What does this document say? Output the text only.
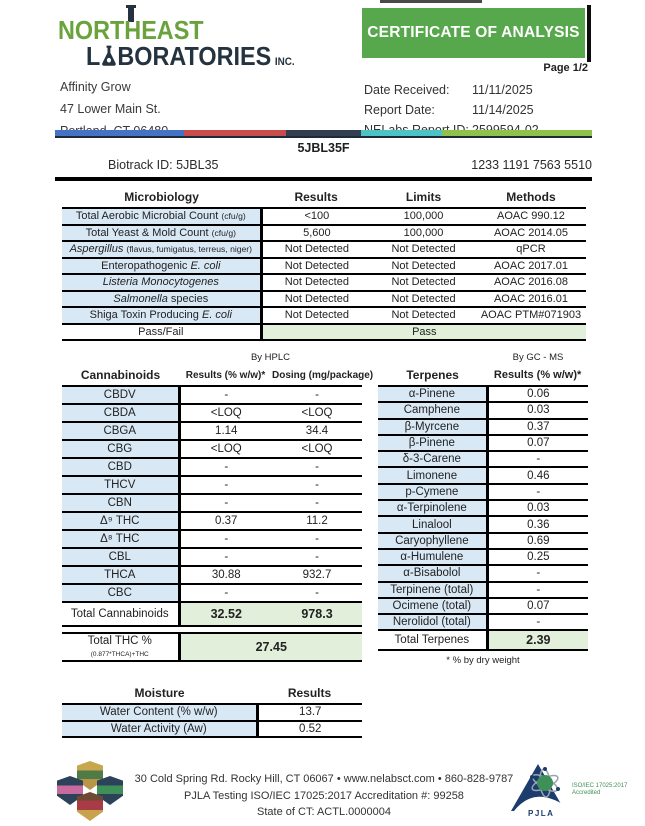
NORTHEAST
L BORATORIES INC.
Affinity Grow
47 Lower Main St.
CERTIFICATE OF ANALYSIS
Page 1/2
Date Received:	11/11/2025
Report Date:	11/14/2025
5JBL35F
Biotrack ID: 5JBL35	1233 1191 7563 5510
Microbiology	Results	Limits	Methods
Total Aerobic Microbial Count (cfu/g)	<100	100,000	AOAC 990.12
Total Yeast & Mold Count (cfu/g)	5,600	100,000	AOAC 2014.05
Aspergillus (flavus, fumigatus, terreus, niger)	Not Detected	Not Detected	qPCR
Enteropathogenic E. coli	Not Detected	Not Detected	AOAC 2017.01
Listeria Monocytogenes	Not Detected	Not Detected	AOAC 2016.08
Salmonella species	Not Detected	Not Detected	AOAC 2016.01
Shiga Toxin Producing E. coli	Not Detected	Not Detected	AOAC PTM#071903
Pass/Fail	Pass		
By HPLC
Cannabinoids	Results (% w/w)*	Dosing (mg/package)
CBDV	-	-
CBDA	<LOQ	<LOQ
CBGA	1.14	34.4
CBG	<LOQ	<LOQ
CBD	-	-
THCV	-	-
CBN	-	-
Δ⁹ THC	0.37	11.2
Δ⁸ THC	-	-
CBL	-	-
THCA	30.88	932.7
CBC	-	-
Total Cannabinoids	32.52	978.3
Total THC % (0.877*THCA)+THC	27.45
By GC - MS
Terpenes	Results (% w/w)*
α-Pinene	0.06
Camphene	0.03
β-Myrcene	0.37
β-Pinene	0.07
δ-3-Carene	-
Limonene	0.46
p-Cymene	-
α-Terpinolene	0.03
Linalool	0.36
Caryophyllene	0.69
α-Humulene	0.25
α-Bisabolol	-
Terpinene (total)	-
Ocimene (total)	0.07
Nerolidol (total)	-
Total Terpenes	2.39
* % by dry weight
Moisture	Results
Water Content (% w/w)	13.7
Water Activity (Aw)	0.52
30 Cold Spring Rd. Rocky Hill, CT 06067 • www.nelabsct.com • 860-828-9787
PJLA Testing ISO/IEC 17025:2017 Accreditation #: 99258
State of CT: ACTL.0000004	PJLA
ISO/IEC 17025:2017
Accredited
